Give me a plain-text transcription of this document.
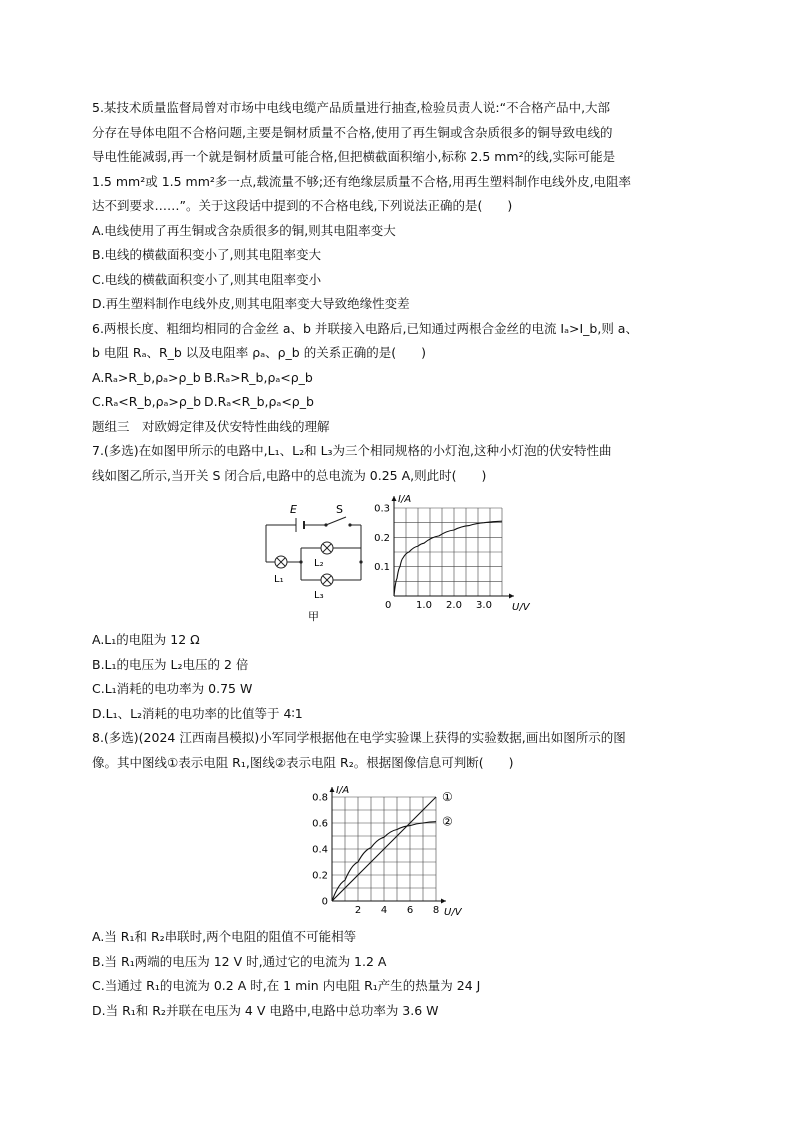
5.某技术质量监督局曾对市场中电线电缆产品质量进行抽查,检验员责人说:“不合格产品中,大部
分存在导体电阻不合格问题,主要是铜材质量不合格,使用了再生铜或含杂质很多的铜导致电线的
导电性能减弱,再一个就是铜材质量可能合格,但把横截面积缩小,标称 2.5 mm²的线,实际可能是
1.5 mm²或 1.5 mm²多一点,载流量不够;还有绝缘层质量不合格,用再生塑料制作电线外皮,电阻率
达不到要求……”。关于这段话中提到的不合格电线,下列说法正确的是(　　)
A.电线使用了再生铜或含杂质很多的铜,则其电阻率变大
B.电线的横截面积变小了,则其电阻率变大
C.电线的横截面积变小了,则其电阻率变小
D.再生塑料制作电线外皮,则其电阻率变大导致绝缘性变差
6.两根长度、粗细均相同的合金丝 a、b 并联接入电路后,已知通过两根合金丝的电流 Iₐ>I_b,则 a、
b 电阻 Rₐ、R_b 以及电阻率 ρₐ、ρ_b 的关系正确的是(　　)
A.Rₐ>R_b,ρₐ>ρ_b B.Rₐ>R_b,ρₐ<ρ_b
C.Rₐ<R_b,ρₐ>ρ_b D.Rₐ<R_b,ρₐ<ρ_b
题组三　对欧姆定律及伏安特性曲线的理解
7.(多选)在如图甲所示的电路中,L₁、L₂和 L₃为三个相同规格的小灯泡,这种小灯泡的伏安特性曲
线如图乙所示,当开关 S 闭合后,电路中的总电流为 0.25 A,则此时(　　)
E	S
L₁
L₂
L₃
甲
0 1.0 2.0 3.0
0.1
0.2
0.3
U/V
I/A
A.L₁的电阻为 12 Ω
B.L₁的电压为 L₂电压的 2 倍
C.L₁消耗的电功率为 0.75 W
D.L₁、L₂消耗的电功率的比值等于 4∶1
8.(多选)(2024 江西南昌模拟)小军同学根据他在电学实验课上获得的实验数据,画出如图所示的图
像。其中图线①表示电阻 R₁,图线②表示电阻 R₂。根据图像信息可判断(　　)
2 4 6 8
0
0.2
0.4
0.6
0.8
U/V
I/A	①
②
A.当 R₁和 R₂串联时,两个电阻的阻值不可能相等
B.当 R₁两端的电压为 12 V 时,通过它的电流为 1.2 A
C.当通过 R₁的电流为 0.2 A 时,在 1 min 内电阻 R₁产生的热量为 24 J
D.当 R₁和 R₂并联在电压为 4 V 电路中,电路中总功率为 3.6 W
